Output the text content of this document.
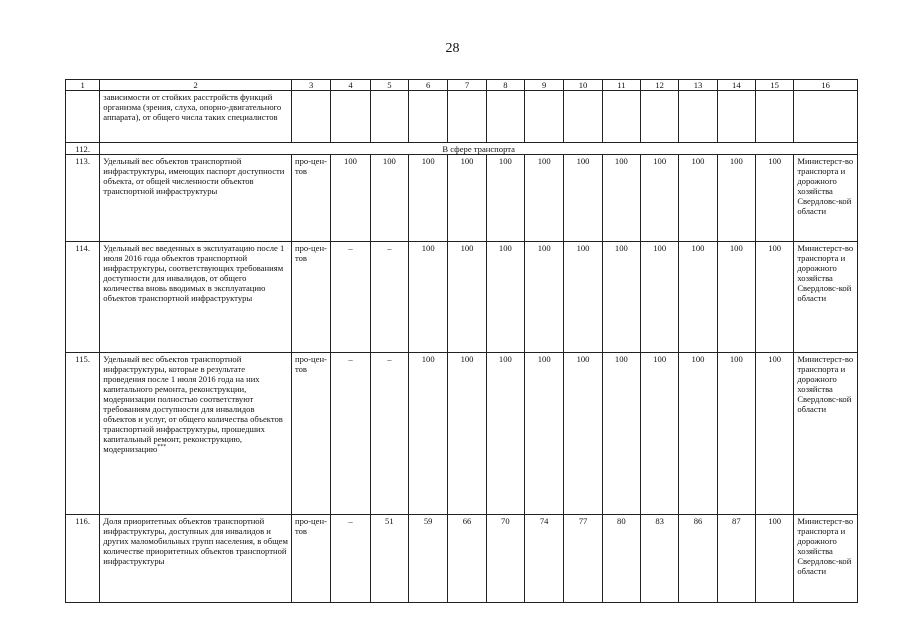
28
1	2	3	4	5	6	7	8	9	10	11	12	13	14	15	16
	зависимости от стойких расстройств функций организма (зрения, слуха, опорно-двигательного аппарата), от общего числа таких специалистов														
112.	В сфере транспорта														
113.	Удельный вес объектов транспортной инфраструктуры, имеющих паспорт доступности объекта, от общей численности объектов транспортной инфраструктуры	про-цен-тов	100	100	100	100	100	100	100	100	100	100	100	100	Министерст-во транспорта и дорожного хозяйства Свердловс-кой области
114.	Удельный вес введенных в эксплуатацию после 1 июля 2016 года объектов транспортной инфраструктуры, соответствующих требованиям доступности для инвалидов, от общего количества вновь вводимых в эксплуатацию объектов транспортной инфраструктуры	про-цен-тов	–	–	100	100	100	100	100	100	100	100	100	100	Министерст-во транспорта и дорожного хозяйства Свердловс-кой области
115.	Удельный вес объектов транспортной инфраструктуры, которые в результате проведения после 1 июля 2016 года на них капитального ремонта, реконструкции, модернизации полностью соответствуют требованиям доступности для инвалидов объектов и услуг, от общего количества объектов транспортной инфраструктуры, прошедших капитальный ремонт, реконструкцию, модернизацию***	про-цен-тов	–	–	100	100	100	100	100	100	100	100	100	100	Министерст-во транспорта и дорожного хозяйства Свердловс-кой области
116.	Доля приоритетных объектов транспортной инфраструктуры, доступных для инвалидов и других маломобильных групп населения, в общем количестве приоритетных объектов транспортной инфраструктуры	про-цен-тов	–	51	59	66	70	74	77	80	83	86	87	100	Министерст-во транспорта и дорожного хозяйства Свердловс-кой области
